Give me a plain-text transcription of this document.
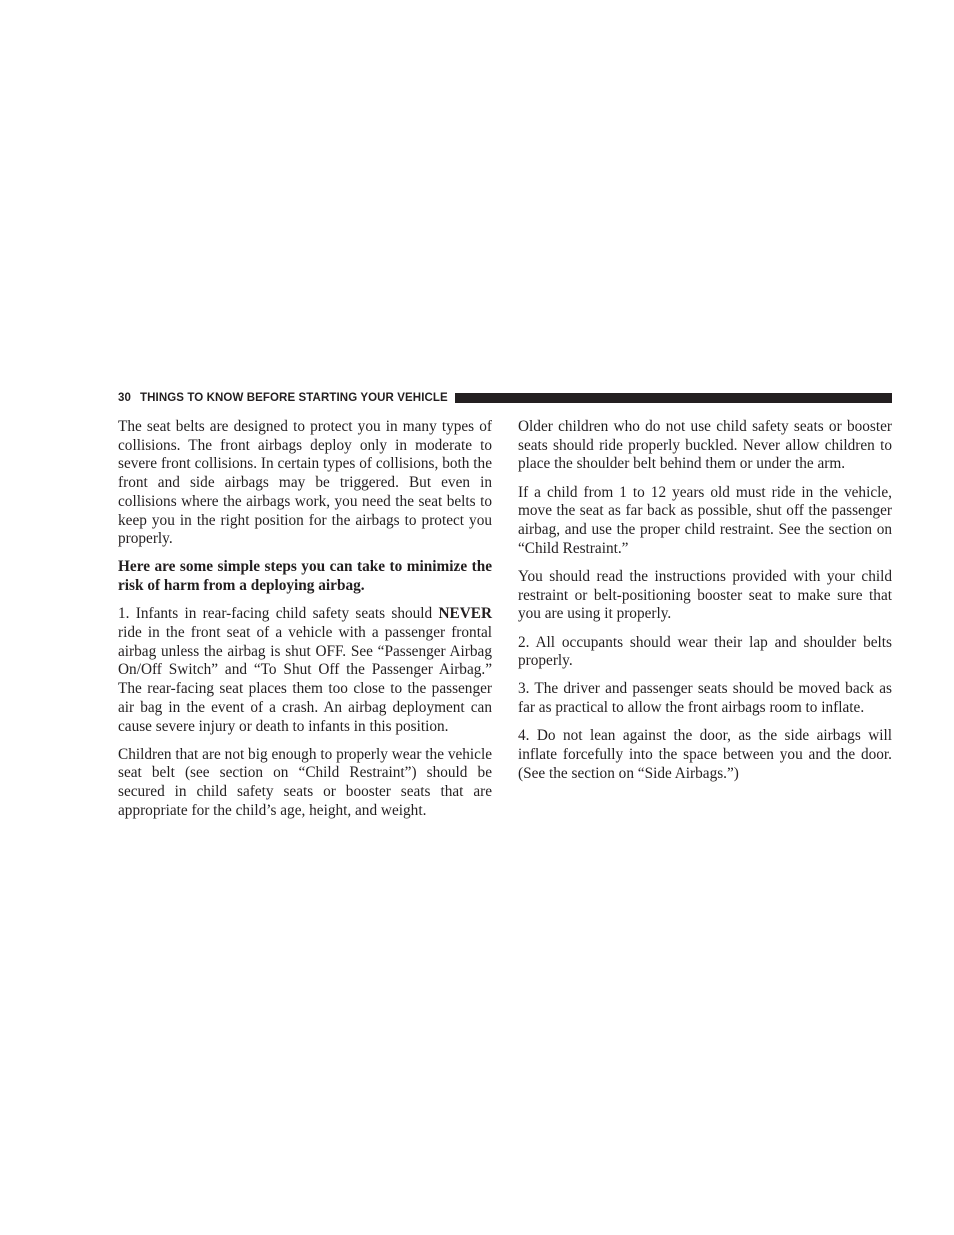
30 THINGS TO KNOW BEFORE STARTING YOUR VEHICLE

The seat belts are designed to protect you in many types of collisions. The front airbags deploy only in moderate to severe front collisions. In certain types of collisions, both the front and side airbags may be triggered. But even in collisions where the airbags work, you need the seat belts to keep you in the right position for the airbags to protect you properly.

Here are some simple steps you can take to minimize the risk of harm from a deploying airbag.

1. Infants in rear-facing child safety seats should NEVER ride in the front seat of a vehicle with a passenger frontal airbag unless the airbag is shut OFF. See “Passenger Airbag On/Off Switch” and “To Shut Off the Passenger Airbag.” The rear-facing seat places them too close to the passenger air bag in the event of a crash. An airbag deployment can cause severe injury or death to infants in this position.

Children that are not big enough to properly wear the vehicle seat belt (see section on “Child Restraint”) should be secured in child safety seats or booster seats that are appropriate for the child’s age, height, and weight.

Older children who do not use child safety seats or booster seats should ride properly buckled. Never allow children to place the shoulder belt behind them or under the arm.

If a child from 1 to 12 years old must ride in the vehicle, move the seat as far back as possible, shut off the passenger airbag, and use the proper child restraint. See the section on “Child Restraint.”

You should read the instructions provided with your child restraint or belt-positioning booster seat to make sure that you are using it properly.

2. All occupants should wear their lap and shoulder belts properly.

3. The driver and passenger seats should be moved back as far as practical to allow the front airbags room to inflate.

4. Do not lean against the door, as the side airbags will inflate forcefully into the space between you and the door. (See the section on “Side Airbags.”)
